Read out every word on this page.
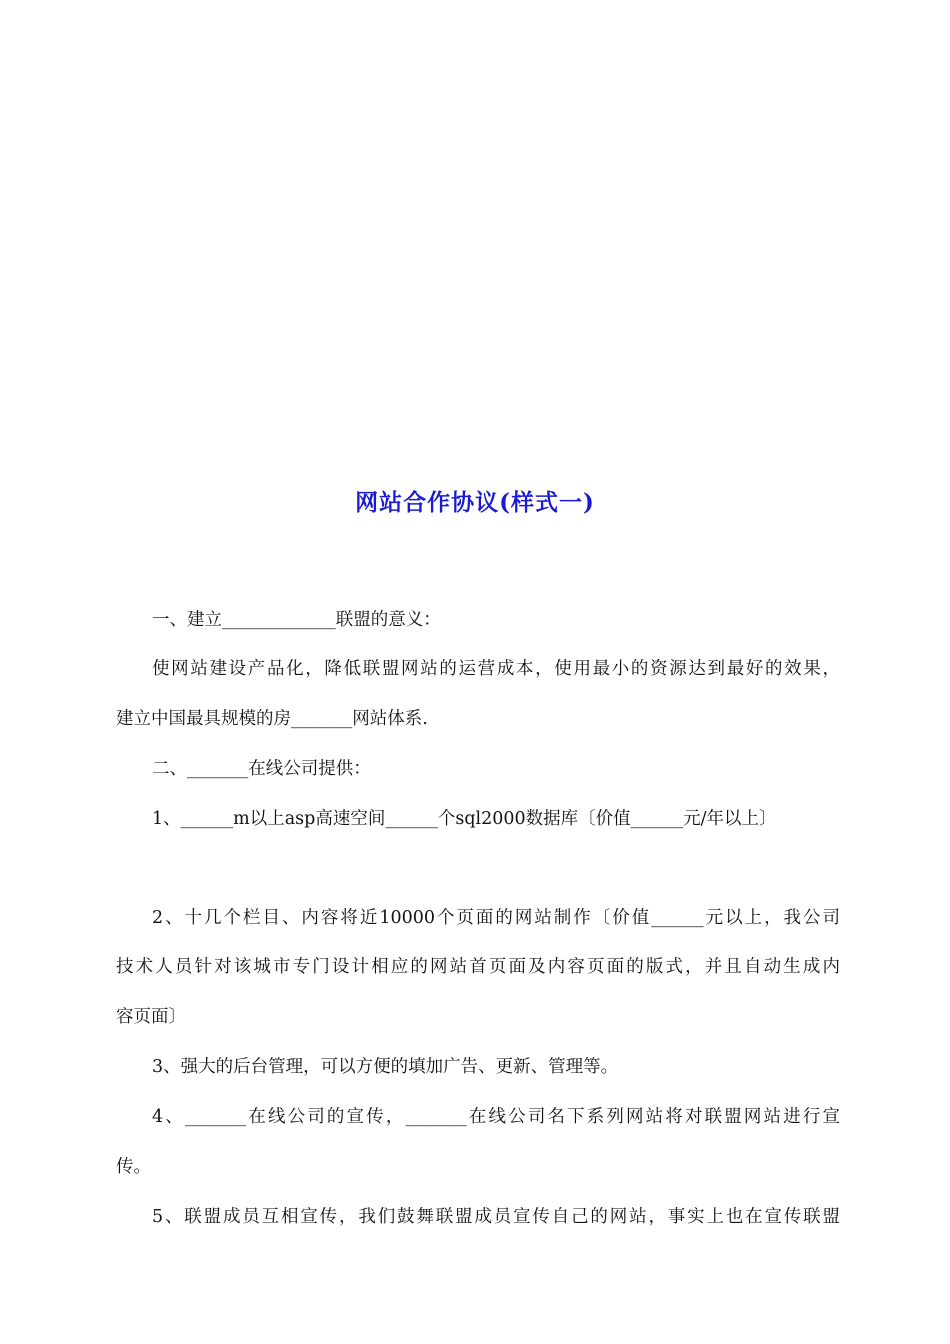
网站合作协议(样式一)
一、建立_____________联盟的意义：
使网站建设产品化，降低联盟网站的运营成本，使用最小的资源达到最好的效果，
建立中国最具规模的房_______网站体系.
二、_______在线公司提供：
1、______m以上asp高速空间______个sql2000数据库〔价值______元/年以上〕
2、十几个栏目、内容将近10000个页面的网站制作〔价值______元以上，我公司
技术人员针对该城市专门设计相应的网站首页面及内容页面的版式，并且自动生成内
容页面〕
3、强大的后台管理，可以方便的填加广告、更新、管理等。
4、_______在线公司的宣传，_______在线公司名下系列网站将对联盟网站进行宣
传。
5、联盟成员互相宣传，我们鼓舞联盟成员宣传自己的网站，事实上也在宣传联盟
